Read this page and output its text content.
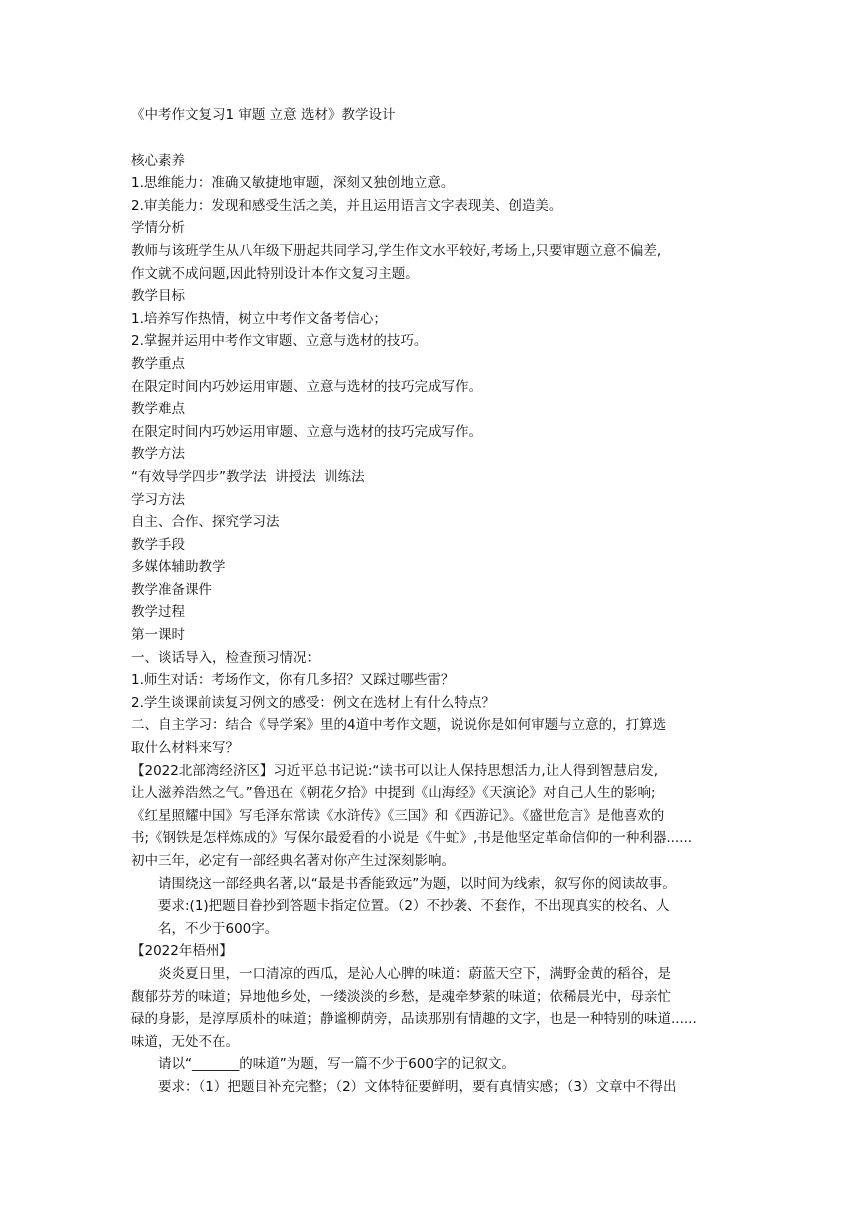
《中考作文复习1 审题 立意 选材》教学设计
核心素养
1.思维能力：准确又敏捷地审题，深刻又独创地立意。
2.审美能力：发现和感受生活之美，并且运用语言文字表现美、创造美。
学情分析
教师与该班学生从八年级下册起共同学习,学生作文水平较好,考场上,只要审题立意不偏差,
作文就不成问题,因此特别设计本作文复习主题。
教学目标
1.培养写作热情，树立中考作文备考信心；
2.掌握并运用中考作文审题、立意与选材的技巧。
教学重点
在限定时间内巧妙运用审题、立意与选材的技巧完成写作。
教学难点
在限定时间内巧妙运用审题、立意与选材的技巧完成写作。
教学方法
“有效导学四步”教学法  讲授法  训练法
学习方法
自主、合作、探究学习法
教学手段
多媒体辅助教学
教学准备课件
教学过程
第一课时
一、谈话导入，检查预习情况：
1.师生对话：考场作文，你有几多招？又踩过哪些雷？
2.学生谈课前读复习例文的感受：例文在选材上有什么特点？
二、自主学习：结合《导学案》里的4道中考作文题，说说你是如何审题与立意的，打算选
取什么材料来写？
【2022北部湾经济区】习近平总书记说:“读书可以让人保持思想活力,让人得到智慧启发,
让人滋养浩然之气。”鲁迅在《朝花夕拾》中提到《山海经》《天演论》对自己人生的影响;
《红星照耀中国》写毛泽东常读《水浒传》《三国》和《西游记》。《盛世危言》是他喜欢的
书;《钢铁是怎样炼成的》写保尔最爱看的小说是《牛虻》,书是他坚定革命信仰的一种利器......
初中三年，必定有一部经典名著对你产生过深刻影响。
请围绕这一部经典名著,以“最是书香能致远”为题，以时间为线索，叙写你的阅读故事。
要求:(1)把题目眷抄到答题卡指定位置。（2）不抄袭、不套作，不出现真实的校名、人
名，不少于600字。
【2022年梧州】
炎炎夏日里，一口清凉的西瓜，是沁人心脾的味道：蔚蓝天空下，满野金黄的稻谷，是
馥郁芬芳的味道；异地他乡处，一缕淡淡的乡愁，是魂牵梦萦的味道；依稀晨光中，母亲忙
碌的身影，是淳厚质朴的味道；静谧柳荫旁，品读那别有情趣的文字，也是一种特别的味道......
味道，无处不在。
请以“_______的味道”为题，写一篇不少于600字的记叙文。
要求：（1）把题目补充完整；（2）文体特征要鲜明，要有真情实感；（3）文章中不得出
